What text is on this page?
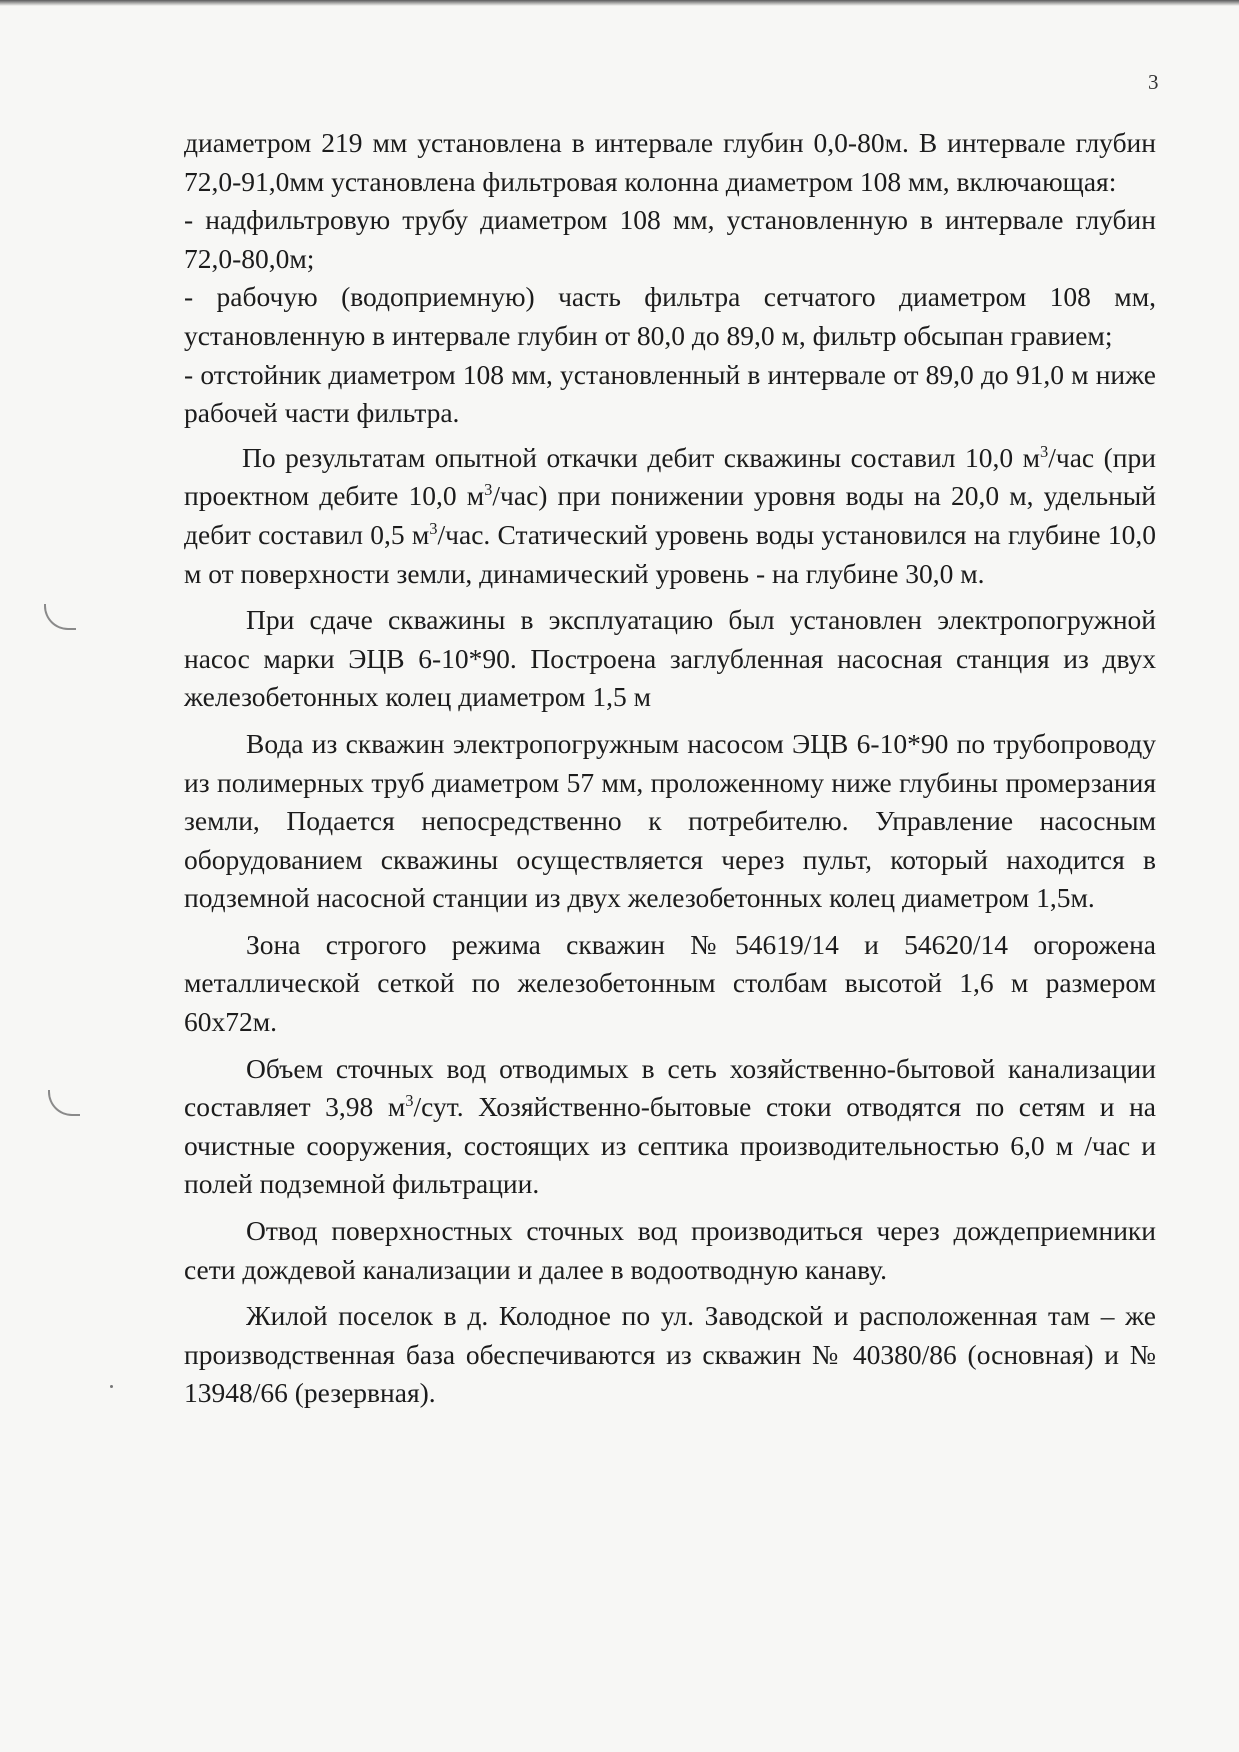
3

диаметром 219 мм установлена в интервале глубин 0,0-80м. В интервале глубин 72,0-91,0мм установлена фильтровая колонна диаметром 108 мм, включающая:

- надфильтровую трубу диаметром 108 мм, установленную в интервале глубин 72,0-80,0м;

- рабочую (водоприемную) часть фильтра сетчатого диаметром 108 мм, установленную в интервале глубин от 80,0 до 89,0 м, фильтр обсыпан гравием;

- отстойник диаметром 108 мм, установленный в интервале от 89,0 до 91,0 м ниже рабочей части фильтра.

По результатам опытной откачки дебит скважины составил 10,0 $м^3$/час (при проектном дебите 10,0 $м^3/час$) при понижении уровня воды на 20,0 м, удельный дебит составил 0,5 $м^3$/час. Статический уровень воды установился на глубине 10,0 м от поверхности земли, динамический уровень - на глубине 30,0 м.

При сдаче скважины в эксплуатацию был установлен электропогружной насос марки ЭЦВ 6-10*90. Построена заглубленная насосная станция из двух железобетонных колец диаметром 1,5 м

Вода из скважин электропогружным насосом ЭЦВ 6-10*90 по трубопроводу из полимерных труб диаметром 57 мм, проложенному ниже глубины промерзания земли, Подается непосредственно к потребителю. Управление насосным оборудованием скважины осуществляется через пульт, который находится в подземной насосной станции из двух железобетонных колец диаметром 1,5м.

Зона строгого режима скважин №54619/14 и 54620/14 огорожена металлической сеткой по железобетонным столбам высотой 1,6 м размером 60х72м.

Объем сточных вод отводимых в сеть хозяйственно-бытовой канализации составляет 3,98 $м^3$/сут. Хозяйственно-бытовые стоки отводятся по сетям и на очистные сооружения, состоящих из септика производительностью 6,0 м /час и полей подземной фильтрации.

Отвод поверхностных сточных вод производиться через дождеприемники сети дождевой канализации и далее в водоотводную канаву.

Жилой поселок в д. Колодное по ул. Заводской и расположенная там – же производственная база обеспечиваются из скважин № 40380/86 (основная) и № 13948/66 (резервная).
